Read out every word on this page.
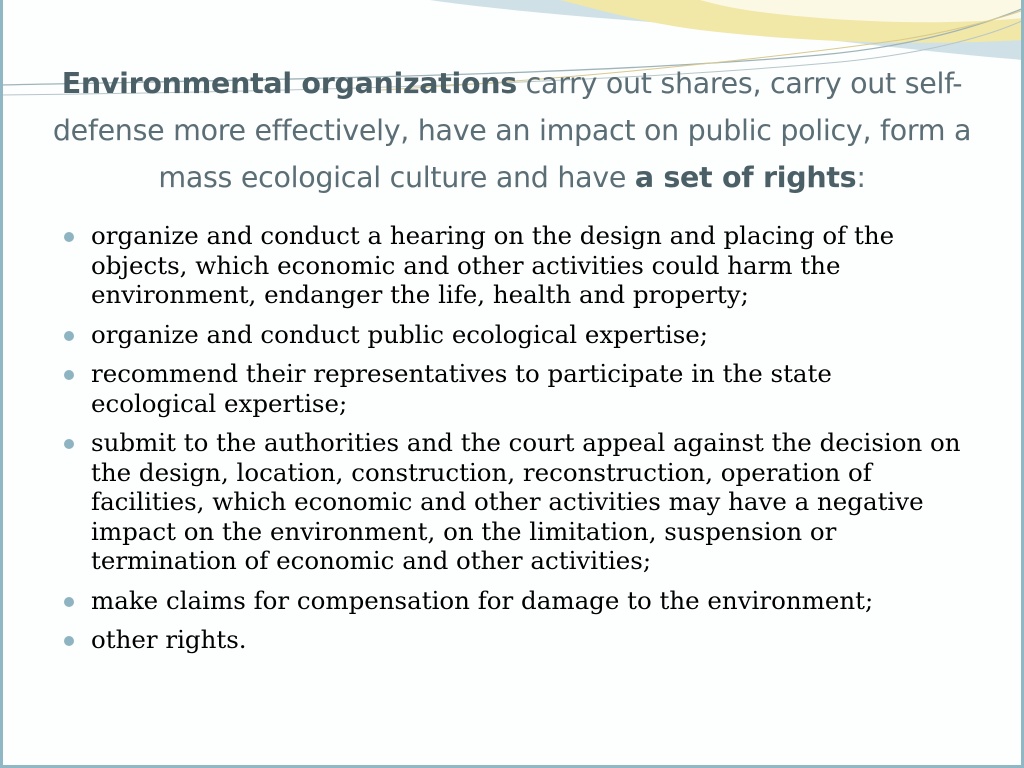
Environmental organizations carry out shares, carry out self-defense more effectively, have an impact on public policy, form a mass ecological culture and have a set of rights:
organize and conduct a hearing on the design and placing of the objects, which economic and other activities could harm the environment, endanger the life, health and property;
organize and conduct public ecological expertise;
recommend their representatives to participate in the state ecological expertise;
submit to the authorities and the court appeal against the decision on the design, location, construction, reconstruction, operation of facilities, which economic and other activities may have a negative impact on the environment, on the limitation, suspension or termination of economic and other activities;
make claims for compensation for damage to the environment;
other rights.
